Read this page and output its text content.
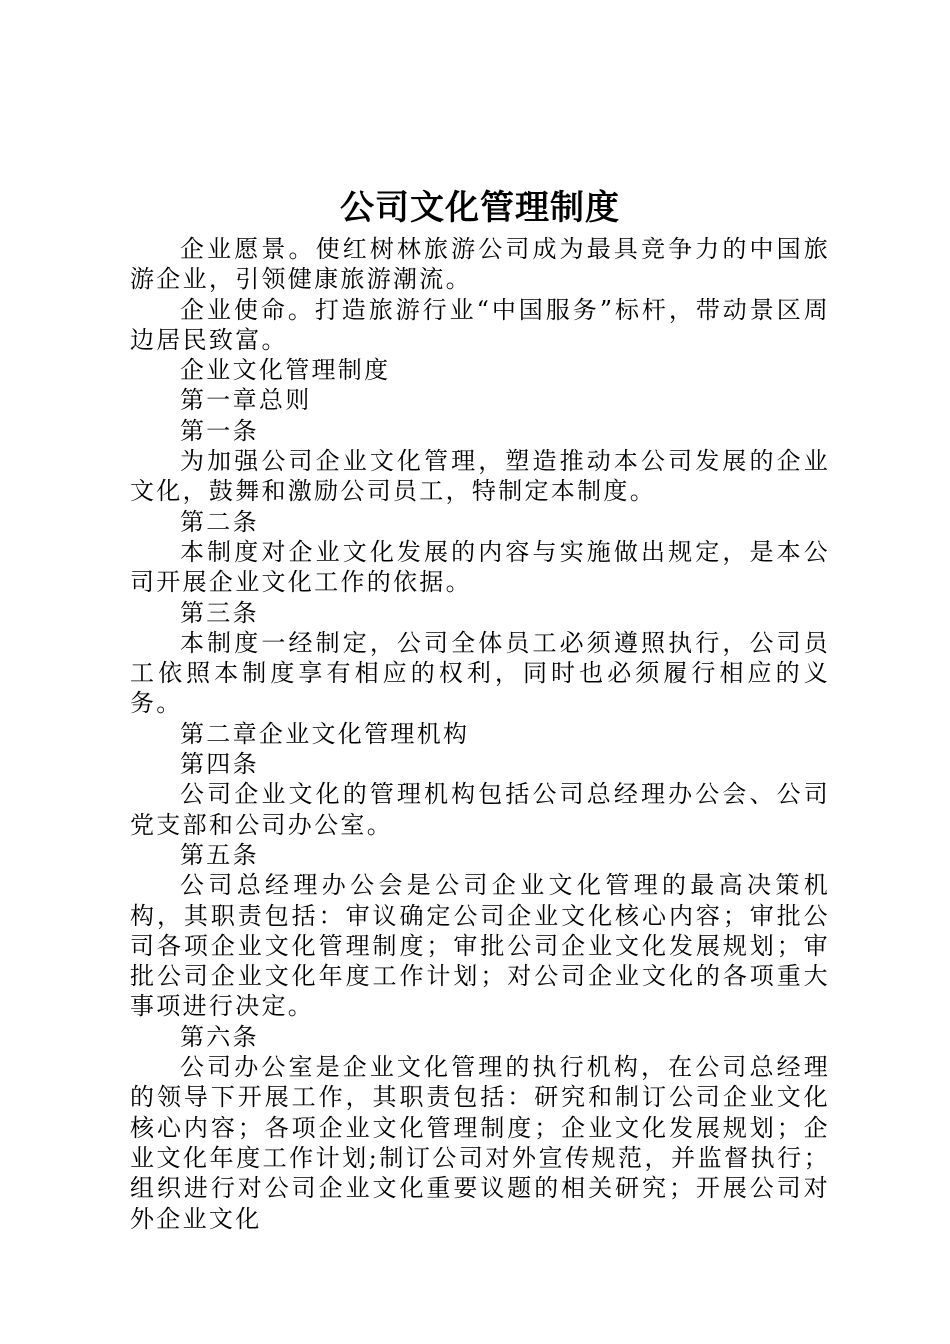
公司文化管理制度

企业愿景。使红树林旅游公司成为最具竞争力的中国旅游企业，引领健康旅游潮流。

企业使命。打造旅游行业“中国服务”标杆，带动景区周边居民致富。

企业文化管理制度

第一章总则

第一条

为加强公司企业文化管理，塑造推动本公司发展的企业文化，鼓舞和激励公司员工，特制定本制度。

第二条

本制度对企业文化发展的内容与实施做出规定，是本公司开展企业文化工作的依据。

第三条

本制度一经制定，公司全体员工必须遵照执行，公司员工依照本制度享有相应的权利，同时也必须履行相应的义务。

第二章企业文化管理机构

第四条

公司企业文化的管理机构包括公司总经理办公会、公司党支部和公司办公室。

第五条

公司总经理办公会是公司企业文化管理的最高决策机构，其职责包括：审议确定公司企业文化核心内容；审批公司各项企业文化管理制度；审批公司企业文化发展规划；审批公司企业文化年度工作计划；对公司企业文化的各项重大事项进行决定。

第六条

公司办公室是企业文化管理的执行机构，在公司总经理的领导下开展工作，其职责包括：研究和制订公司企业文化核心内容；各项企业文化管理制度；企业文化发展规划；企业文化年度工作计划;制订公司对外宣传规范，并监督执行；组织进行对公司企业文化重要议题的相关研究；开展公司对外企业文化
